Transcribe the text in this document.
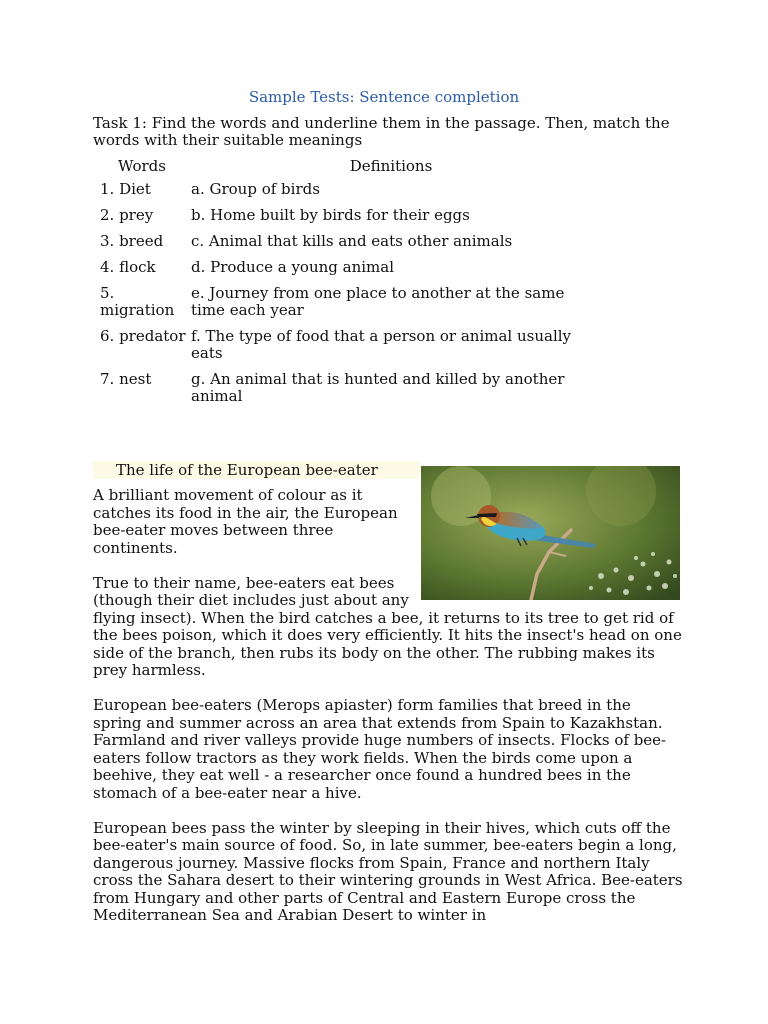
Sample Tests: Sentence completion
Task 1: Find the words and underline them in the passage. Then, match the words with their suitable meanings
Words	Definitions
1. Diet	a. Group of birds
2. prey	b. Home built by birds for their eggs
3. breed	c. Animal that kills and eats other animals
4. flock	d. Produce a young animal
5. migration	e. Journey from one place to another at the same time each year
6. predator	f. The type of food that a person or animal usually eats
7. nest	g. An animal that is hunted and killed by another animal
The life of the European bee-eater

A brilliant movement of colour as it catches its food in the air, the European bee-eater moves between three continents.

True to their name, bee-eaters eat bees (though their diet includes just about any flying insect). When the bird catches a bee, it returns to its tree to get rid of the bees poison, which it does very efficiently. It hits the insect's head on one side of the branch, then rubs its body on the other. The rubbing makes its prey harmless.

European bee-eaters (Merops apiaster) form families that breed in the spring and summer across an area that extends from Spain to Kazakhstan. Farmland and river valleys provide huge numbers of insects. Flocks of bee-eaters follow tractors as they work fields. When the birds come upon a beehive, they eat well - a researcher once found a hundred bees in the stomach of a bee-eater near a hive.

European bees pass the winter by sleeping in their hives, which cuts off the bee-eater's main source of food. So, in late summer, bee-eaters begin a long, dangerous journey. Massive flocks from Spain, France and northern Italy cross the Sahara desert to their wintering grounds in West Africa. Bee-eaters from Hungary and other parts of Central and Eastern Europe cross the Mediterranean Sea and Arabian Desert to winter in
